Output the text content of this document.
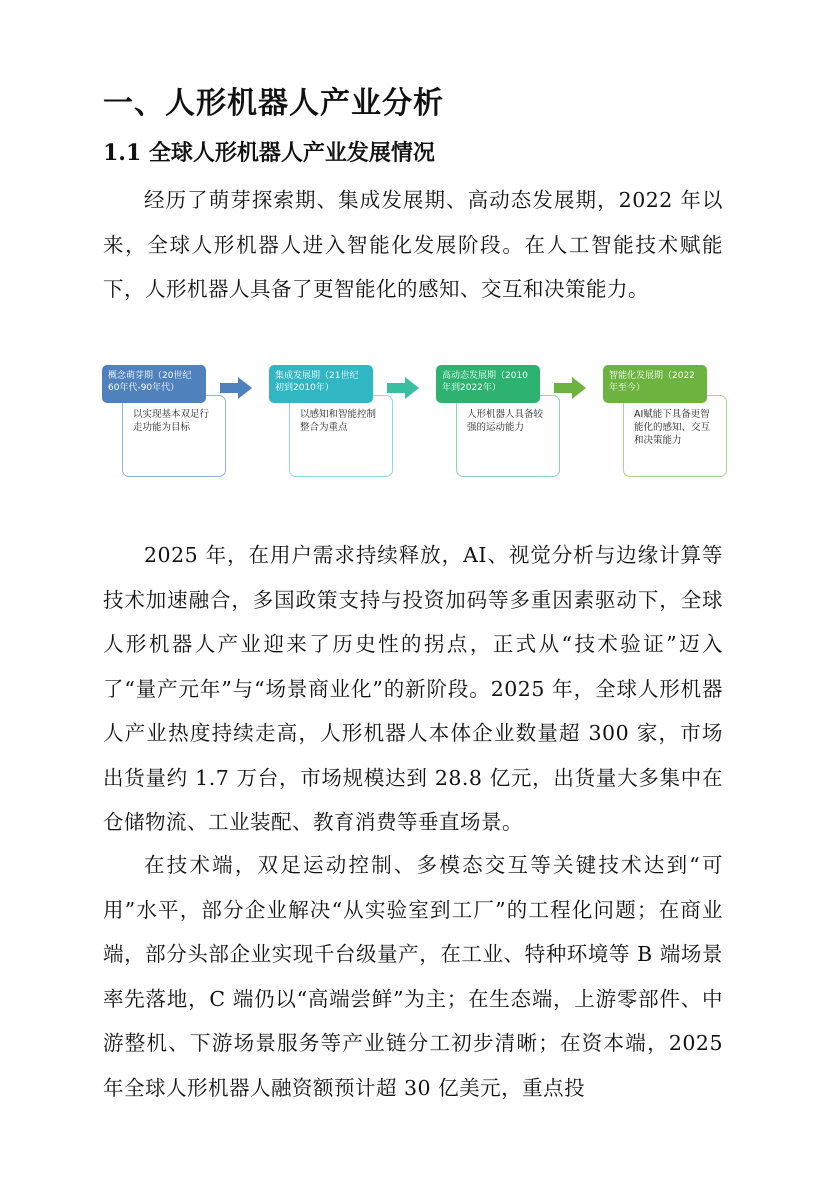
一、人形机器人产业分析
1.1 全球人形机器人产业发展情况

经历了萌芽探索期、集成发展期、高动态发展期，2022 年以来，全球人形机器人进入智能化发展阶段。在人工智能技术赋能下，人形机器人具备了更智能化的感知、交互和决策能力。

概念萌芽期（20世纪60年代-90年代）
以实现基本双足行走功能为目标
集成发展期（21世纪初到2010年）
以感知和智能控制整合为重点
高动态发展期（2010年到2022年）
人形机器人具备较强的运动能力
智能化发展期（2022年至今）
AI赋能下具备更智能化的感知、交互和决策能力

2025 年，在用户需求持续释放，AI、视觉分析与边缘计算等技术加速融合，多国政策支持与投资加码等多重因素驱动下，全球人形机器人产业迎来了历史性的拐点，正式从“技术验证”迈入了“量产元年”与“场景商业化”的新阶段。2025 年，全球人形机器人产业热度持续走高，人形机器人本体企业数量超 300 家，市场出货量约 1.7 万台，市场规模达到 28.8 亿元，出货量大多集中在仓储物流、工业装配、教育消费等垂直场景。

在技术端，双足运动控制、多模态交互等关键技术达到“可用”水平，部分企业解决“从实验室到工厂”的工程化问题；在商业端，部分头部企业实现千台级量产，在工业、特种环境等 B 端场景率先落地，C 端仍以“高端尝鲜”为主；在生态端，上游零部件、中游整机、下游场景服务等产业链分工初步清晰；在资本端，2025 年全球人形机器人融资额预计超 30 亿美元，重点投
